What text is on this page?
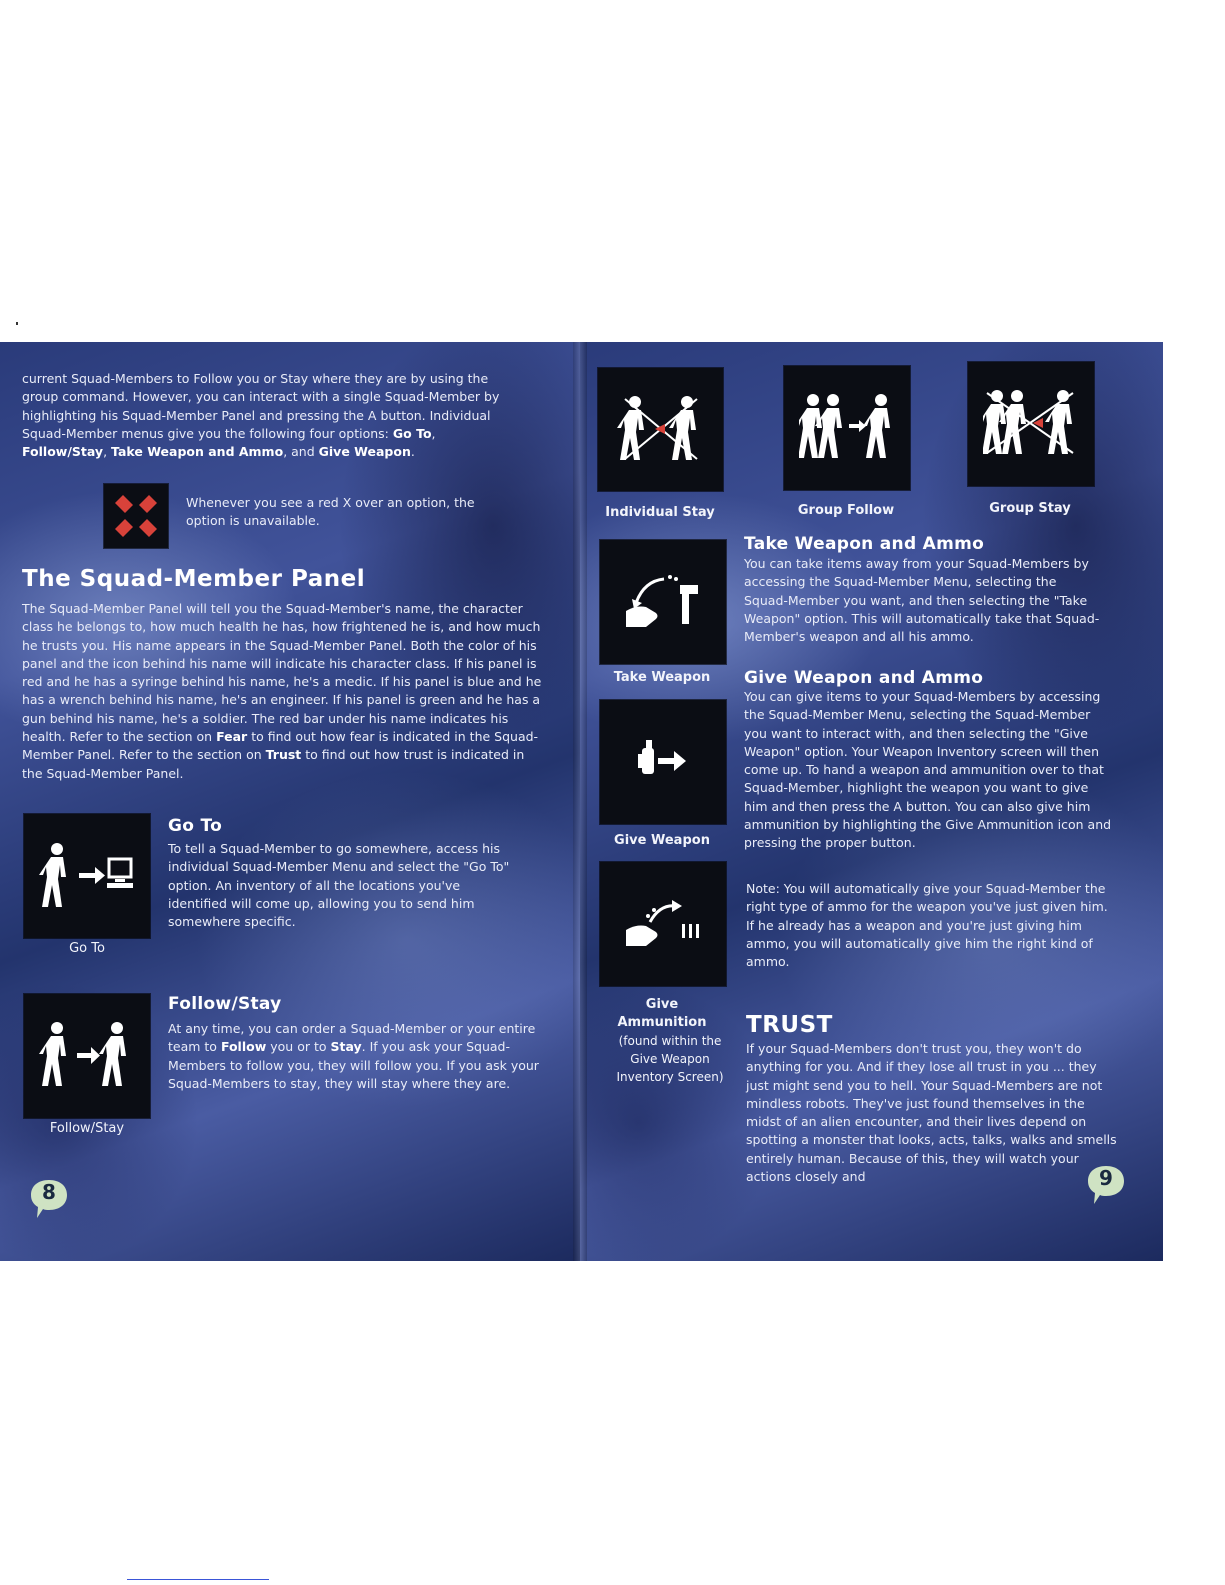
current Squad-Members to Follow you or Stay where they are by using the group command. However, you can interact with a single Squad-Member by highlighting his Squad-Member Panel and pressing the A button. Individual Squad-Member menus give you the following four options: Go To, Follow/Stay, Take Weapon and Ammo, and Give Weapon.

Whenever you see a red X over an option, the option is unavailable.

The Squad-Member Panel

The Squad-Member Panel will tell you the Squad-Member's name, the character class he belongs to, how much health he has, how frightened he is, and how much he trusts you. His name appears in the Squad-Member Panel. Both the color of his panel and the icon behind his name will indicate his character class. If his panel is red and he has a syringe behind his name, he's a medic. If his panel is blue and he has a wrench behind his name, he's an engineer. If his panel is green and he has a gun behind his name, he's a soldier. The red bar under his name indicates his health. Refer to the section on Fear to find out how fear is indicated in the Squad-Member Panel. Refer to the section on Trust to find out how trust is indicated in the Squad-Member Panel.

Go To
Go To

To tell a Squad-Member to go somewhere, access his individual Squad-Member Menu and select the "Go To" option. An inventory of all the locations you've identified will come up, allowing you to send him somewhere specific.

Follow/Stay
Follow/Stay

At any time, you can order a Squad-Member or your entire team to Follow you or to Stay. If you ask your Squad-Members to follow you, they will follow you. If you ask your Squad-Members to stay, they will stay where they are.

8
Individual Stay	Group Follow	Group Stay
Take Weapon and Ammo

You can take items away from your Squad-Members by accessing the Squad-Member Menu, selecting the Squad-Member you want, and then selecting the "Take Weapon" option. This will automatically take that Squad-Member's weapon and all his ammo.

Take Weapon	Give Weapon and Ammo

You can give items to your Squad-Members by accessing the Squad-Member Menu, selecting the Squad-Member you want to interact with, and then selecting the "Give Weapon" option. Your Weapon Inventory screen will then come up. To hand a weapon and ammunition over to that Squad-Member, highlight the weapon you want to give him and then press the A button. You can also give him ammunition by highlighting the Give Ammunition icon and pressing the proper button.

Give Weapon

Note: You will automatically give your Squad-Member the right type of ammo for the weapon you've just given him. If he already has a weapon and you're just giving him ammo, you will automatically give him the right kind of ammo.

Give
Ammunition
(found within the Give Weapon Inventory Screen)
TRUST

If your Squad-Members don't trust you, they won't do anything for you. And if they lose all trust in you ... they just might send you to hell. Your Squad-Members are not mindless robots. They've just found themselves in the midst of an alien encounter, and their lives depend on spotting a monster that looks, acts, talks, walks and smells entirely human. Because of this, they will watch your actions closely and	9
